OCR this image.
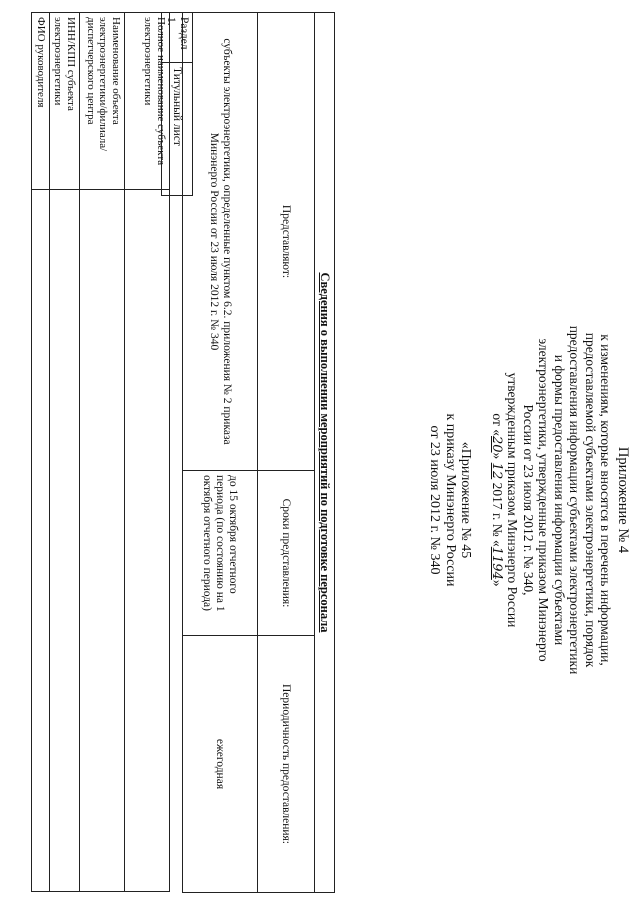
Приложение № 4
к изменениям, которые вносятся в перечень информации,
предоставляемой субъектами электроэнергетики, порядок
предоставления информации субъектами электроэнергетики
и формы предоставления информации субъектами
электроэнергетики, утвержденные приказом Минэнерго
России от 23 июля 2012 г. № 340,
утвержденным приказом Минэнерго России
от «20» 12 2017 г. № «1194»
«Приложение № 45
к приказу Минэнерго России
от 23 июля 2012 г. № 340
Сведения о выполнении мероприятий по подготовке персонала		
Представляют:	Сроки представления:	Периодичность предоставления:
субъекты электроэнергетики, определенные пунктом 6.2. приложения № 2 приказа Минэнерго России от 23 июля 2012 г. № 340	до 15 октября отчетного периода (по состоянию на 1 октября отчетного периода)	ежегодная
Раздел 1.	Титульный лист
Полное наименование субъекта электроэнергетики	
Наименование объекта электроэнергетики/филиала/диспетчерского центра	
ИНН/КПП субъекта электроэнергетики	
ФИО руководителя	
